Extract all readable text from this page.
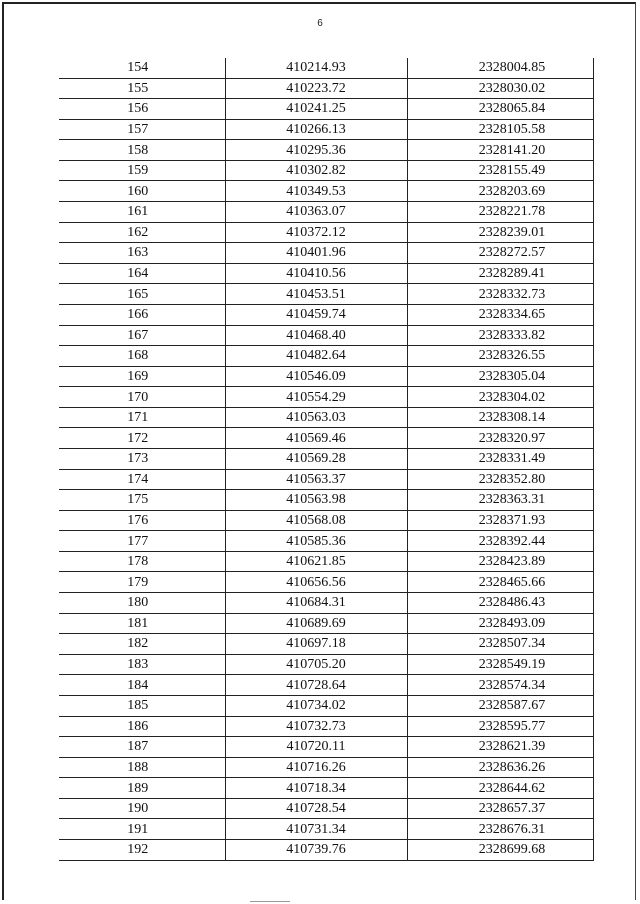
6
154	410214.93	2328004.85
155	410223.72	2328030.02
156	410241.25	2328065.84
157	410266.13	2328105.58
158	410295.36	2328141.20
159	410302.82	2328155.49
160	410349.53	2328203.69
161	410363.07	2328221.78
162	410372.12	2328239.01
163	410401.96	2328272.57
164	410410.56	2328289.41
165	410453.51	2328332.73
166	410459.74	2328334.65
167	410468.40	2328333.82
168	410482.64	2328326.55
169	410546.09	2328305.04
170	410554.29	2328304.02
171	410563.03	2328308.14
172	410569.46	2328320.97
173	410569.28	2328331.49
174	410563.37	2328352.80
175	410563.98	2328363.31
176	410568.08	2328371.93
177	410585.36	2328392.44
178	410621.85	2328423.89
179	410656.56	2328465.66
180	410684.31	2328486.43
181	410689.69	2328493.09
182	410697.18	2328507.34
183	410705.20	2328549.19
184	410728.64	2328574.34
185	410734.02	2328587.67
186	410732.73	2328595.77
187	410720.11	2328621.39
188	410716.26	2328636.26
189	410718.34	2328644.62
190	410728.54	2328657.37
191	410731.34	2328676.31
192	410739.76	2328699.68
